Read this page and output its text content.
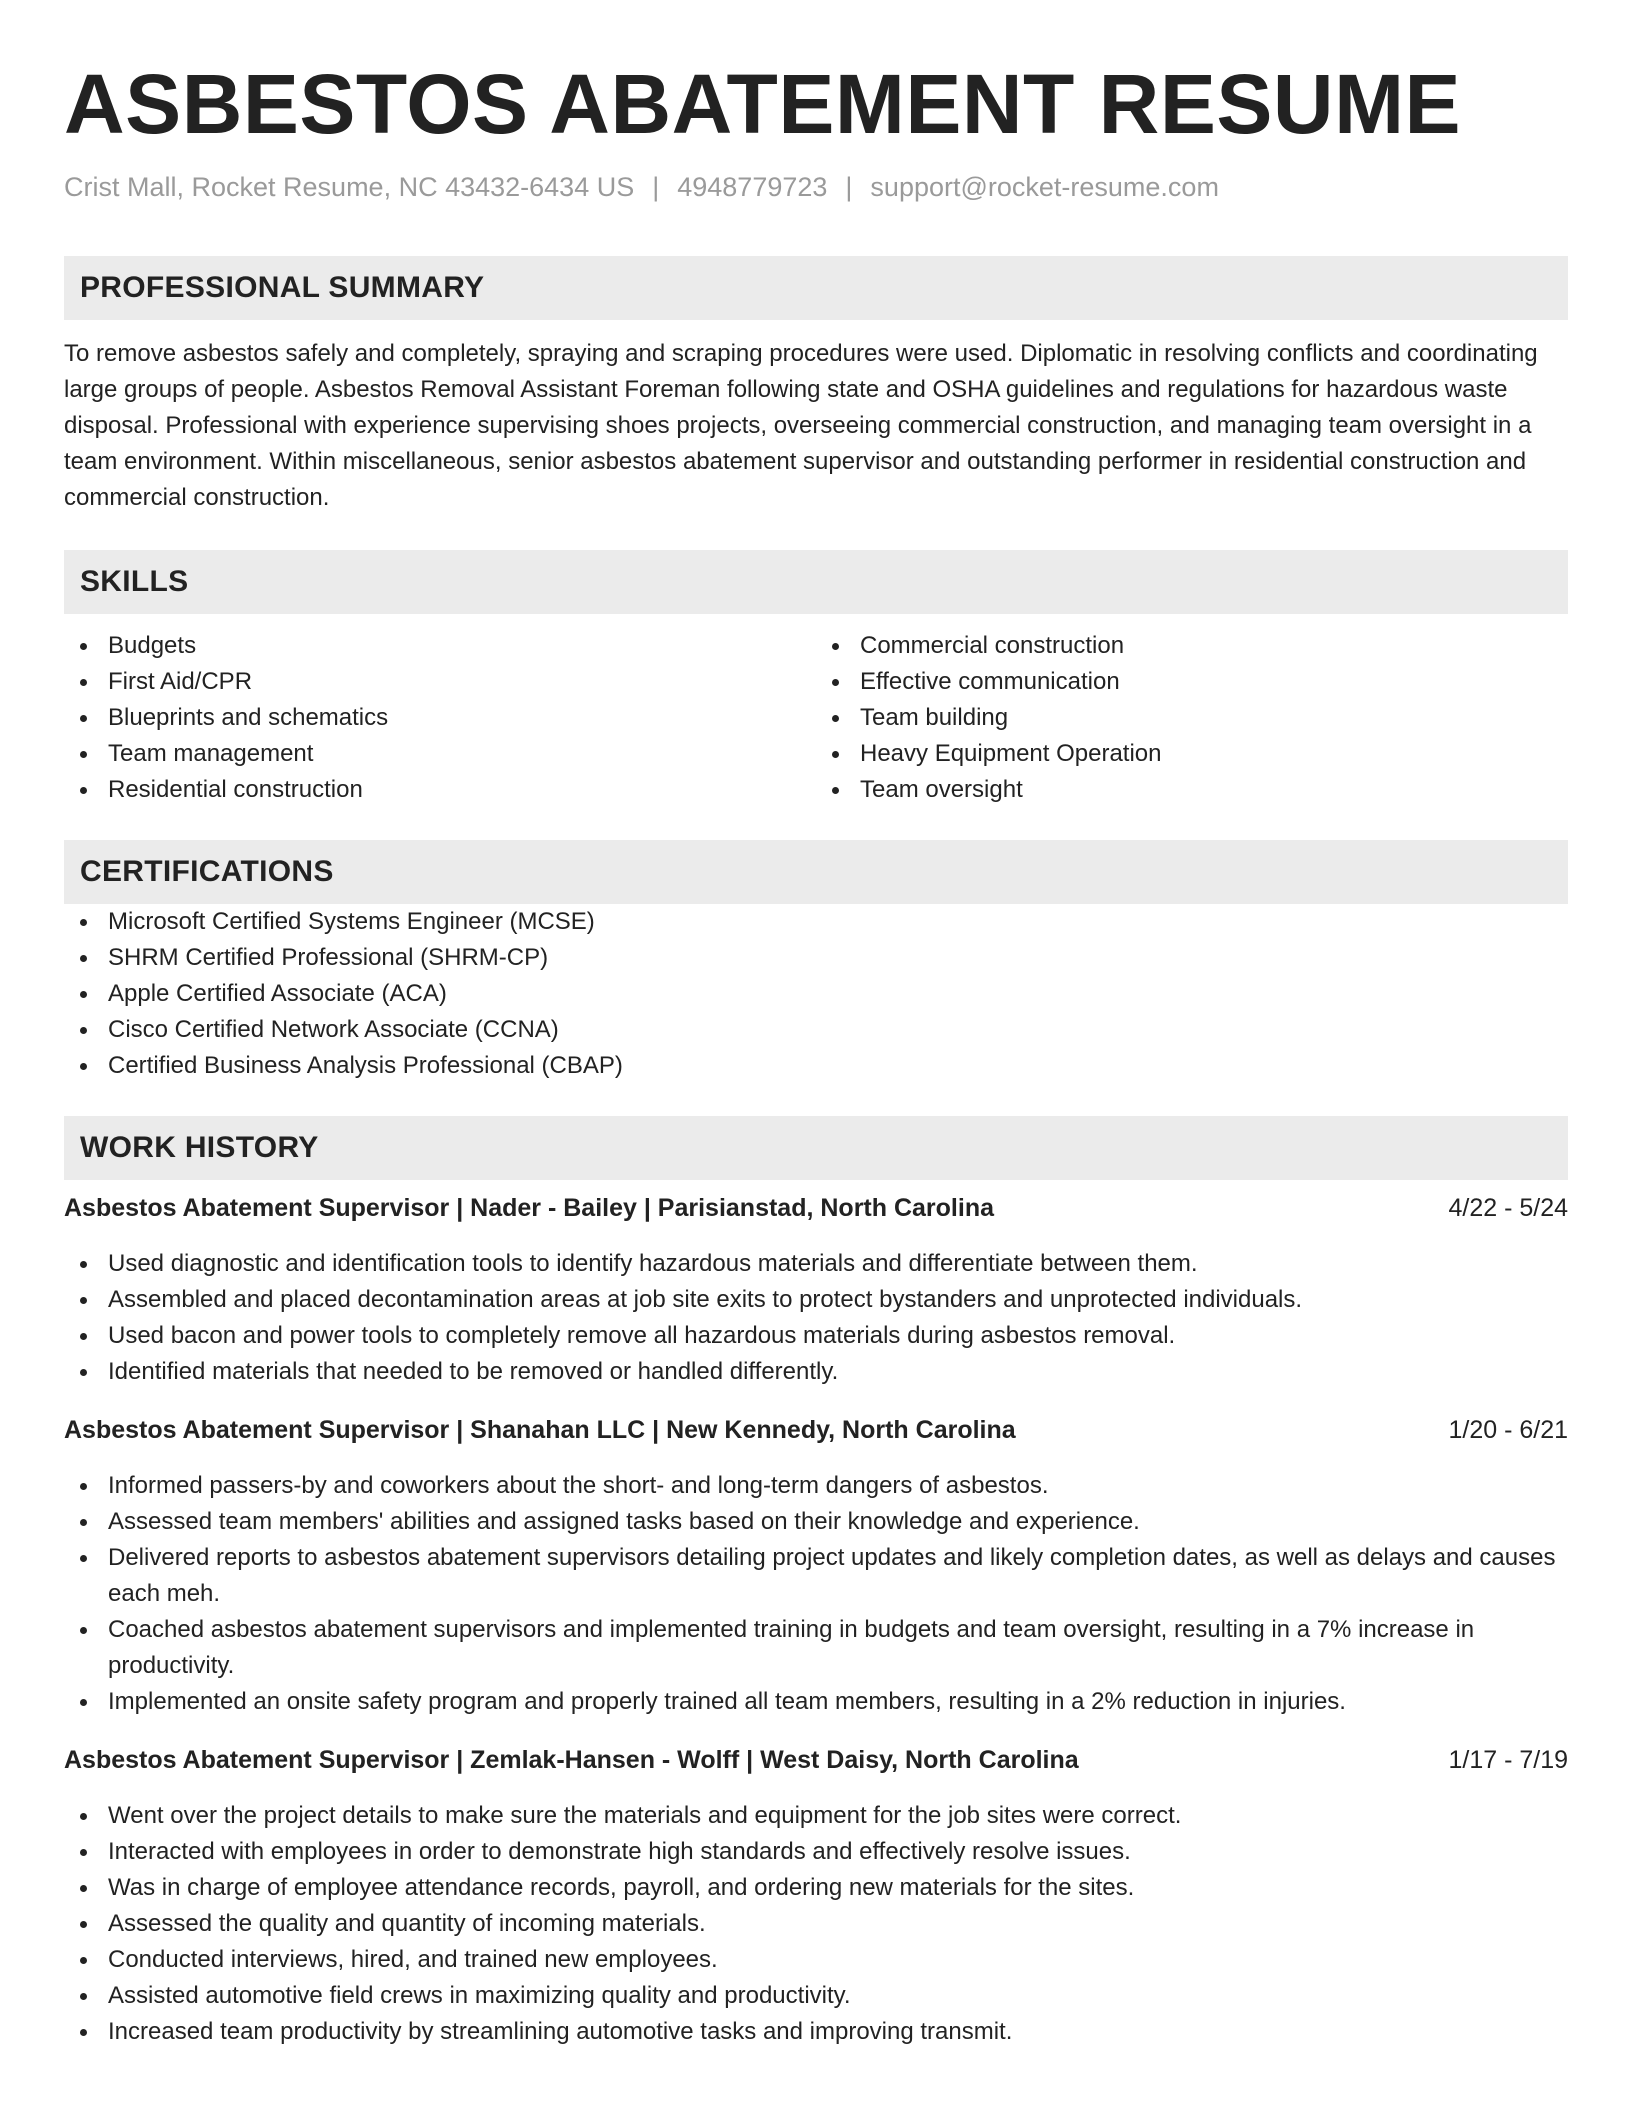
ASBESTOS ABATEMENT RESUME
Crist Mall, Rocket Resume, NC 43432-6434 US | 4948779723 | support@rocket-resume.com
PROFESSIONAL SUMMARY

To remove asbestos safely and completely, spraying and scraping procedures were used. Diplomatic in resolving conflicts and coordinating large groups of people. Asbestos Removal Assistant Foreman following state and OSHA guidelines and regulations for hazardous waste disposal. Professional with experience supervising shoes projects, overseeing commercial construction, and managing team oversight in a team environment. Within miscellaneous, senior asbestos abatement supervisor and outstanding performer in residential construction and commercial construction.

SKILLS
Budgets
First Aid/CPR
Blueprints and schematics
Team management
Residential construction
Commercial construction
Effective communication
Team building
Heavy Equipment Operation
Team oversight
CERTIFICATIONS
Microsoft Certified Systems Engineer (MCSE)
SHRM Certified Professional (SHRM-CP)
Apple Certified Associate (ACA)
Cisco Certified Network Associate (CCNA)
Certified Business Analysis Professional (CBAP)
WORK HISTORY
Asbestos Abatement Supervisor | Nader - Bailey | Parisianstad, North Carolina	4/22 - 5/24
Used diagnostic and identification tools to identify hazardous materials and differentiate between them.
Assembled and placed decontamination areas at job site exits to protect bystanders and unprotected individuals.
Used bacon and power tools to completely remove all hazardous materials during asbestos removal.
Identified materials that needed to be removed or handled differently.
Asbestos Abatement Supervisor | Shanahan LLC | New Kennedy, North Carolina	1/20 - 6/21
Informed passers-by and coworkers about the short- and long-term dangers of asbestos.
Assessed team members' abilities and assigned tasks based on their knowledge and experience.
Delivered reports to asbestos abatement supervisors detailing project updates and likely completion dates, as well as delays and causes each meh.
Coached asbestos abatement supervisors and implemented training in budgets and team oversight, resulting in a 7% increase in productivity.
Implemented an onsite safety program and properly trained all team members, resulting in a 2% reduction in injuries.
Asbestos Abatement Supervisor | Zemlak-Hansen - Wolff | West Daisy, North Carolina	1/17 - 7/19
Went over the project details to make sure the materials and equipment for the job sites were correct.
Interacted with employees in order to demonstrate high standards and effectively resolve issues.
Was in charge of employee attendance records, payroll, and ordering new materials for the sites.
Assessed the quality and quantity of incoming materials.
Conducted interviews, hired, and trained new employees.
Assisted automotive field crews in maximizing quality and productivity.
Increased team productivity by streamlining automotive tasks and improving transmit.
